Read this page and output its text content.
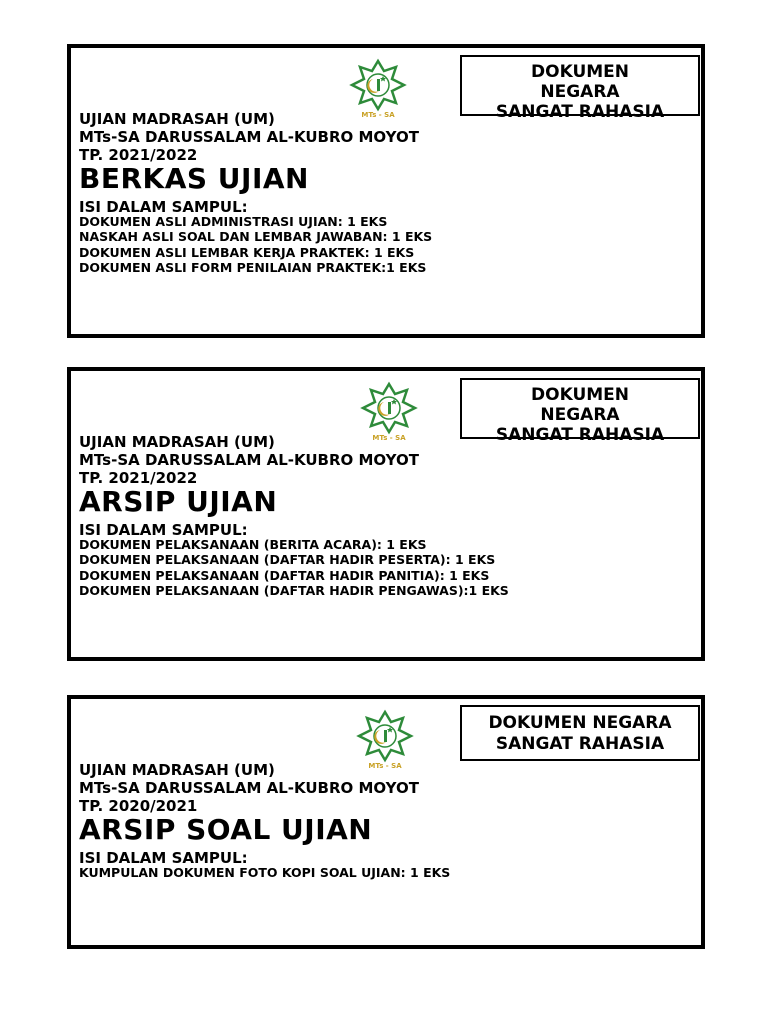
MTs - SA
DOKUMEN
NEGARA
SANGAT RAHASIA
UJIAN MADRASAH (UM)
MTs-SA DARUSSALAM AL-KUBRO MOYOT
TP. 2021/2022
BERKAS UJIAN
ISI DALAM SAMPUL:
DOKUMEN ASLI ADMINISTRASI UJIAN: 1 EKS
NASKAH ASLI SOAL DAN LEMBAR JAWABAN: 1 EKS
DOKUMEN ASLI LEMBAR KERJA PRAKTEK: 1 EKS
DOKUMEN ASLI FORM PENILAIAN PRAKTEK:1 EKS
MTs - SA
DOKUMEN
NEGARA
SANGAT RAHASIA
UJIAN MADRASAH (UM)
MTs-SA DARUSSALAM AL-KUBRO MOYOT
TP. 2021/2022
ARSIP UJIAN
ISI DALAM SAMPUL:
DOKUMEN PELAKSANAAN (BERITA ACARA): 1 EKS
DOKUMEN PELAKSANAAN (DAFTAR HADIR PESERTA): 1 EKS
DOKUMEN PELAKSANAAN (DAFTAR HADIR PANITIA): 1 EKS
DOKUMEN PELAKSANAAN (DAFTAR HADIR PENGAWAS):1 EKS
MTs - SA
DOKUMEN NEGARA
SANGAT RAHASIA
UJIAN MADRASAH (UM)
MTs-SA DARUSSALAM AL-KUBRO MOYOT
TP. 2020/2021
ARSIP SOAL UJIAN
ISI DALAM SAMPUL:
KUMPULAN DOKUMEN FOTO KOPI SOAL UJIAN: 1 EKS
